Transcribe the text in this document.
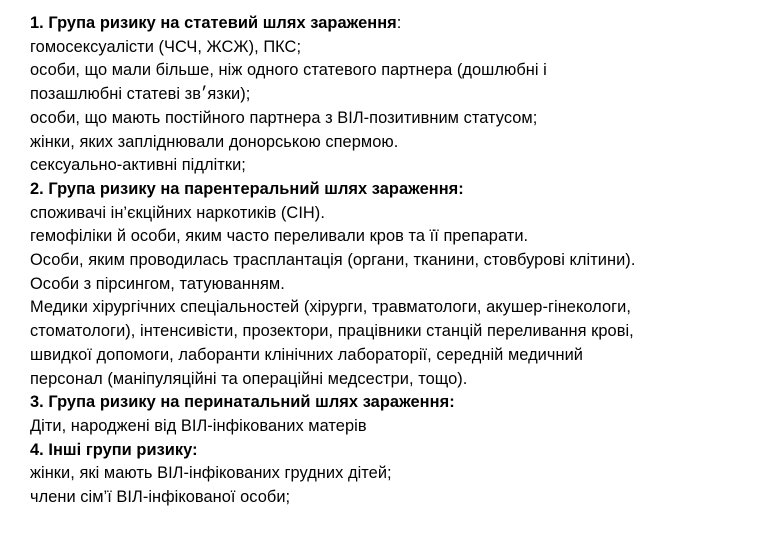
1. Група ризику на статевий шлях зараження:
гомосексуалісти (ЧСЧ, ЖСЖ), ПКС;
особи, що мали більше, ніж одного статевого партнера (дошлюбні і
позашлюбні статеві зв׳язки);
особи, що мають постійного партнера з ВІЛ-позитивним статусом;
жінки, яких запліднювали донорською спермою.
сексуально-активні підлітки;
2. Група ризику на парентеральний шлях зараження:
споживачі ін’єкційних наркотиків (СІН).
гемофіліки й особи, яким часто переливали кров та її препарати.
Особи, яким проводилась трасплантація (органи, тканини, стовбурові клітини).
Особи з пірсингом, татуюванням.
Медики хірургічних спеціальностей (хірурги, травматологи, акушер-гінекологи,
стоматологи), інтенсивісти, прозектори, працівники станцій переливання крові,
швидкої допомоги, лаборанти клінічних лабораторії, середній медичний
персонал (маніпуляційні та операційні медсестри, тощо).
3. Група ризику на перинатальний шлях зараження:
Діти, народжені від ВІЛ-інфікованих матерів
4. Інші групи ризику:
жінки, які мають ВІЛ-інфікованих грудних дітей;
члени сім’ї ВІЛ-інфікованої особи;
